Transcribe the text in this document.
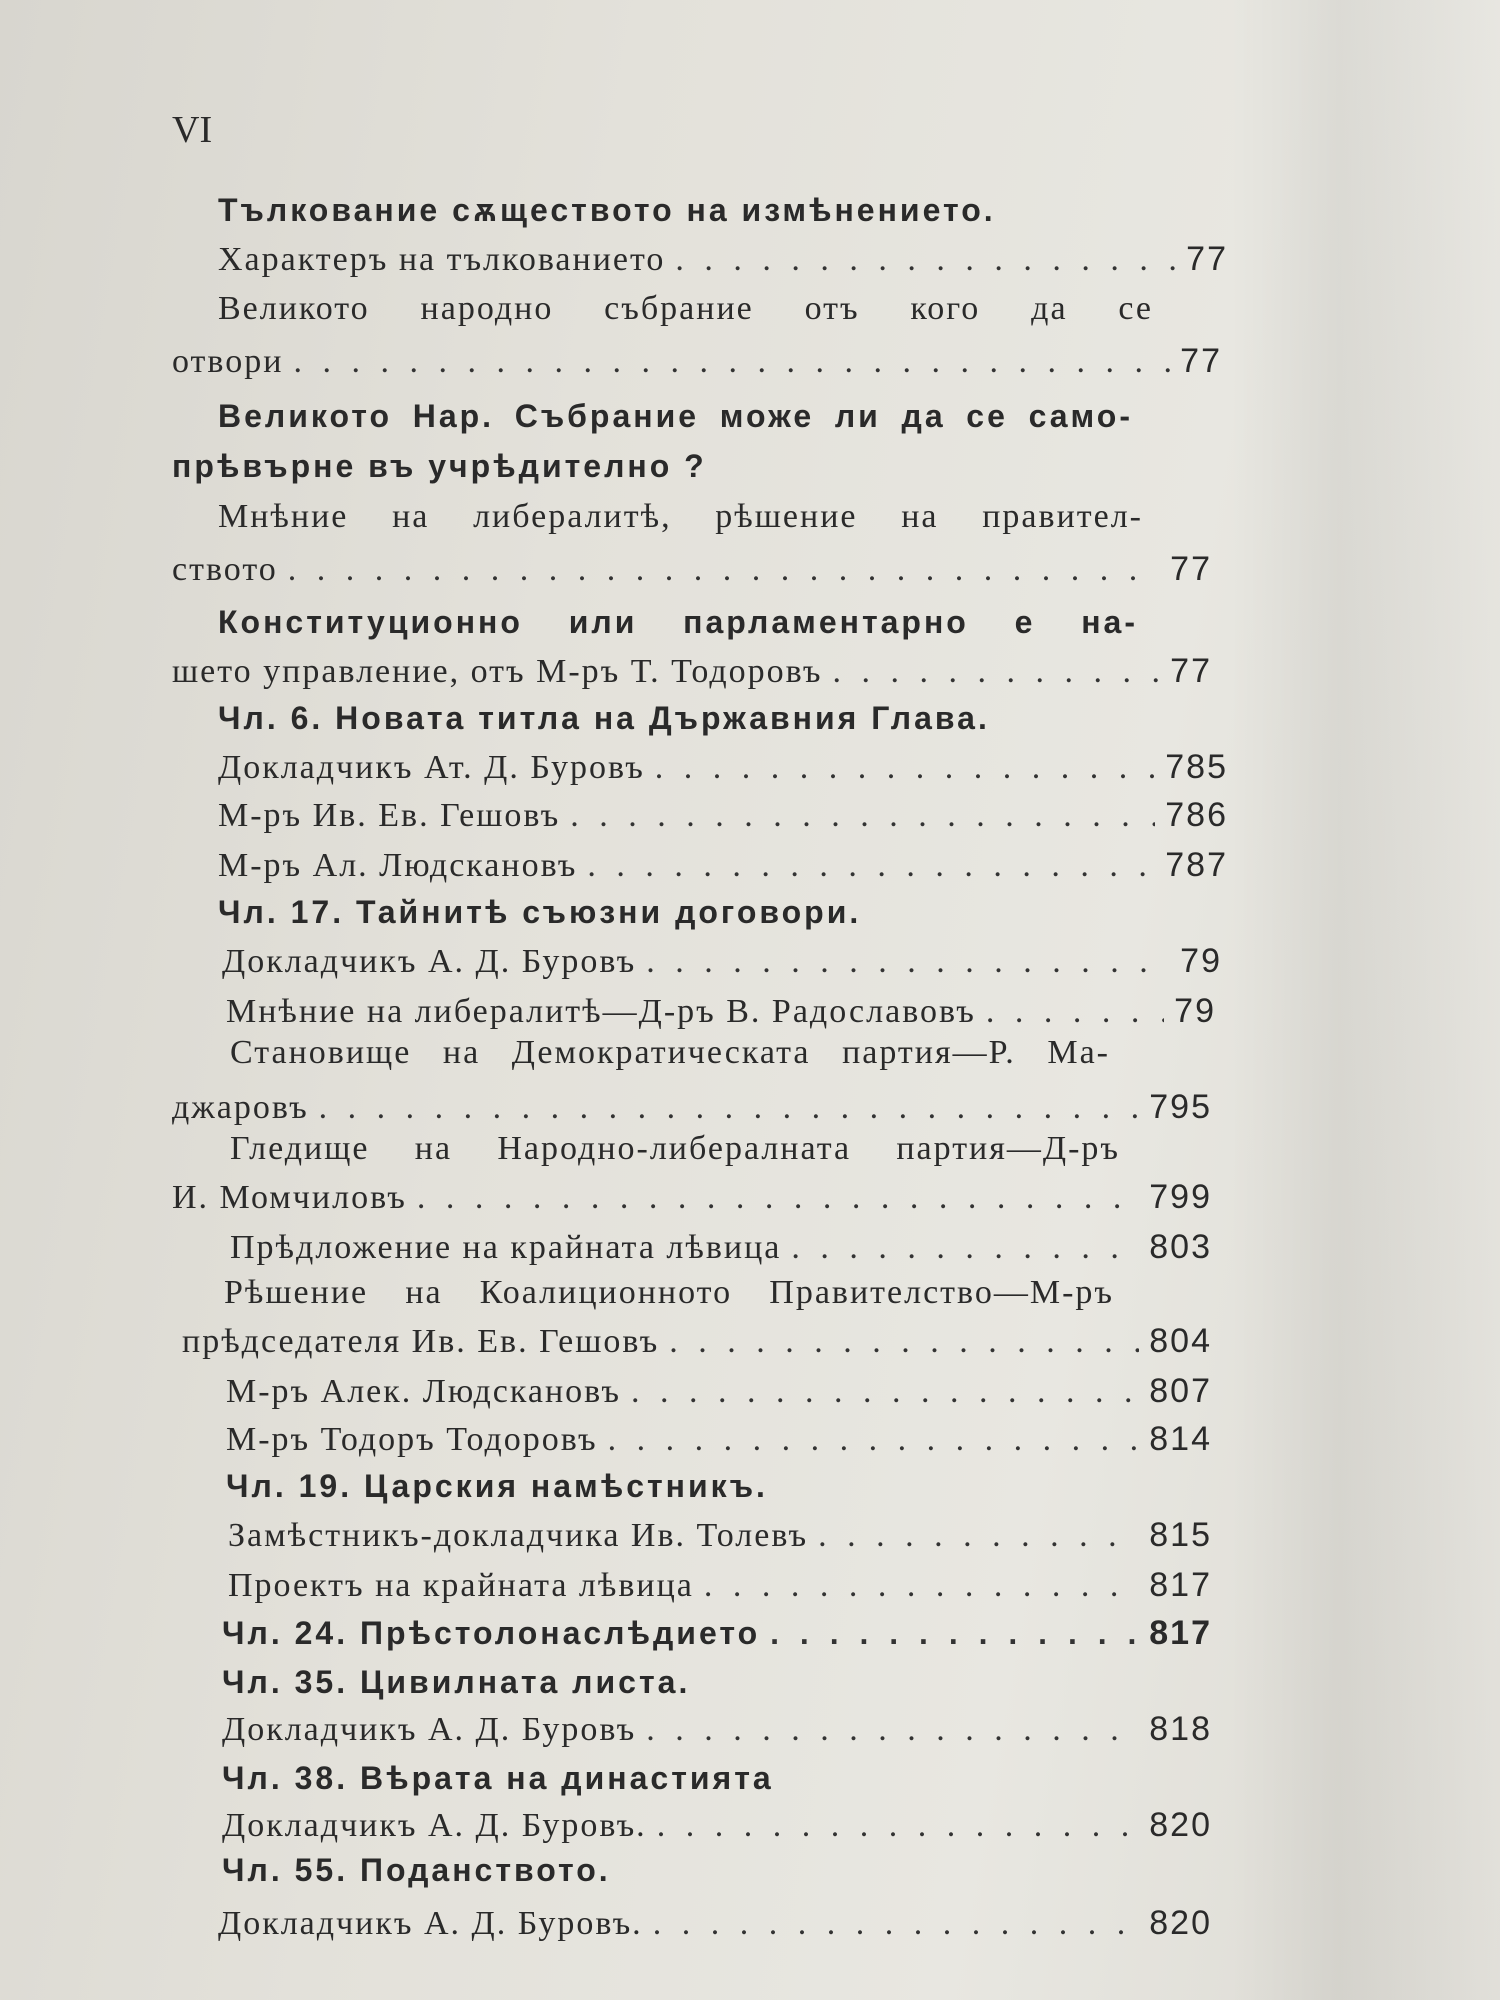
VI
Тълкование сѫществото на измѣнението.
Характеръ на тълкованието . . .	77
Великото народно събрание отъ кого да се
отвори . . .	77
Великото Нар. Събрание може ли да се само-
прѣвърне въ учрѣдително ?
Мнѣние на либералитѣ, рѣшение на правител-
ството . . .	77
Конституционно или парламентарно е на-
шето управление, отъ М-ръ Т. Тодоровъ . . .	77
Чл. 6. Новата титла на Държавния Глава.
Докладчикъ Ат. Д. Буровъ . . .	785
М-ръ Ив. Ев. Гешовъ . . .	786
М-ръ Ал. Людскановъ . . .	787
Чл. 17. Тайнитѣ съюзни договори.
Докладчикъ А. Д. Буровъ . . .	79
Мнѣние на либералитѣ—Д-ръ В. Радославовъ . . .	79
Становище на Демократическата партия—Р. Ма-
джаровъ . . .	795
Гледище на Народно-либералната партия—Д-ръ
И. Момчиловъ . . .	799
Прѣдложение на крайната лѣвица . . .	803
Рѣшение на Коалиционното Правителство—М-ръ
прѣдседателя Ив. Ев. Гешовъ . . .	804
М-ръ Алек. Людскановъ . . .	807
М-ръ Тодоръ Тодоровъ . . .	814
Чл. 19. Царския намѣстникъ.
Замѣстникъ-докладчика Ив. Толевъ . . .	815
Проектъ на крайната лѣвица . . .	817
Чл. 24. Прѣстолонаслѣдието . . .	817
Чл. 35. Цивилната листа.
Докладчикъ А. Д. Буровъ . . .	818
Чл. 38. Вѣрата на династията
Докладчикъ А. Д. Буровъ. . . .	820
Чл. 55. Поданството.
Докладчикъ А. Д. Буровъ. . . .	820
